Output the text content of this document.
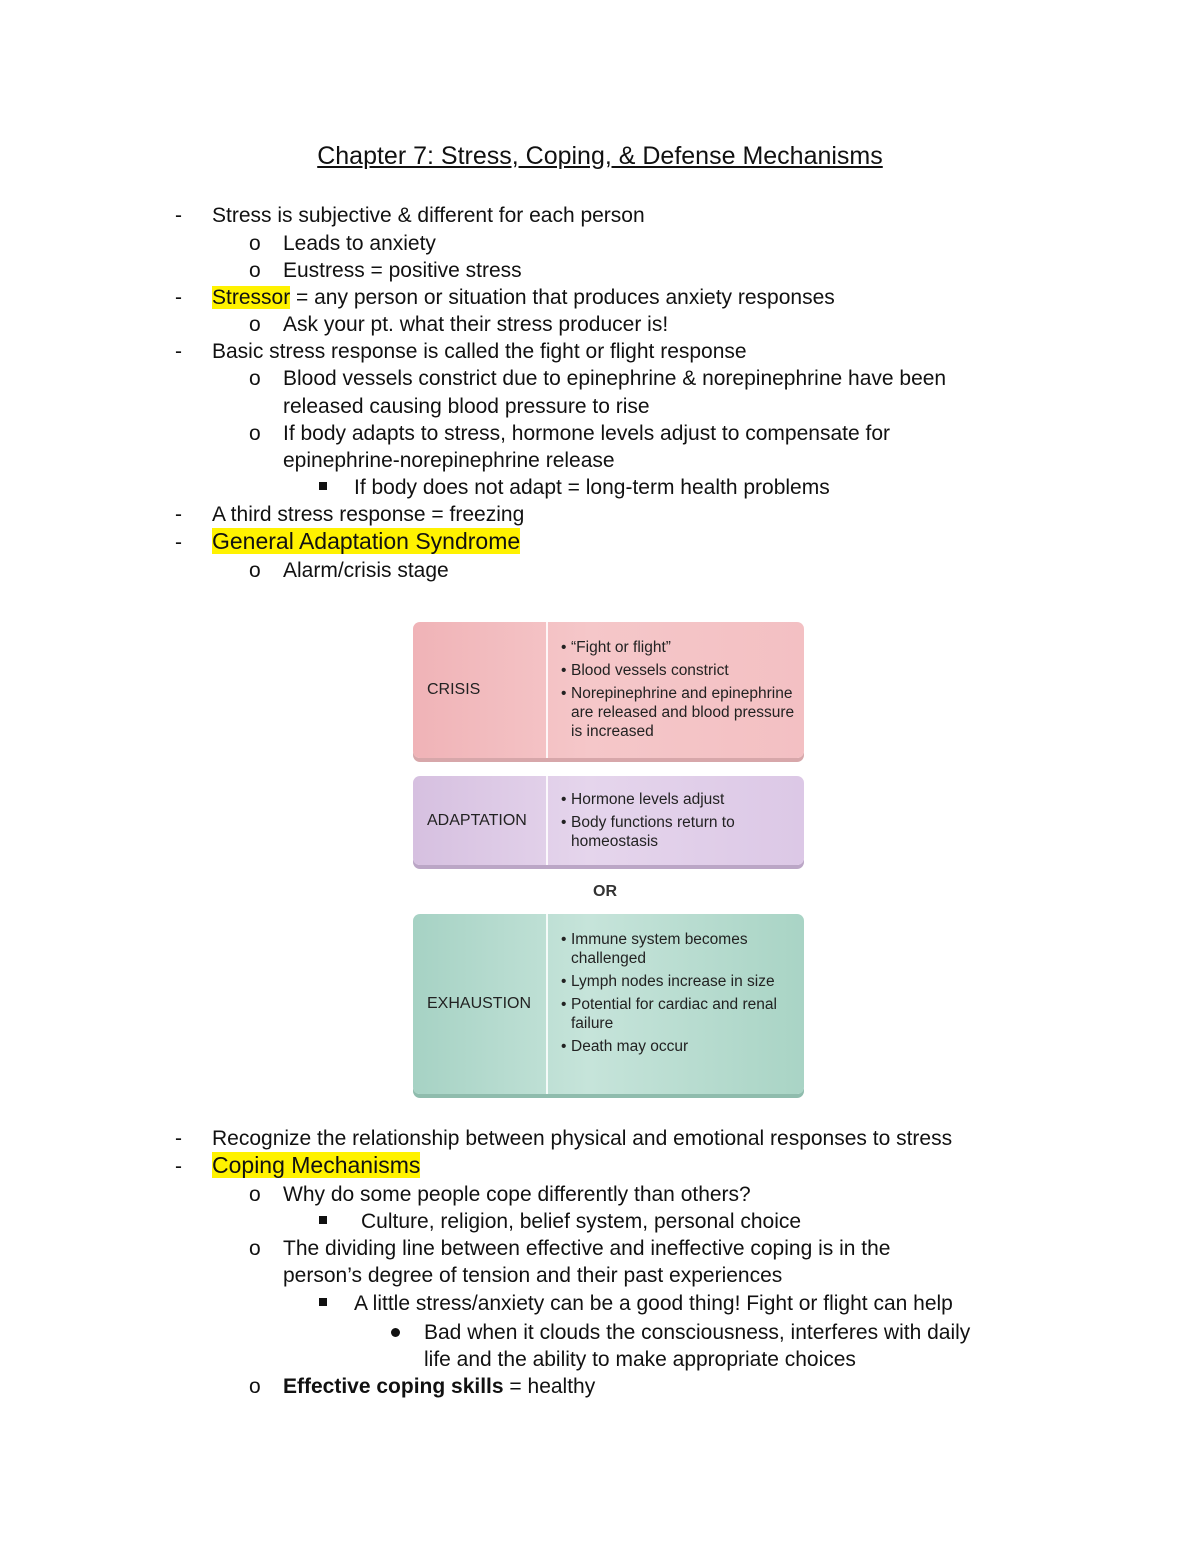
Chapter 7: Stress, Coping, & Defense Mechanisms
- Stress is subjective & different for each person
o Leads to anxiety
o Eustress = positive stress
- Stressor = any person or situation that produces anxiety responses
o Ask your pt. what their stress producer is!
- Basic stress response is called the fight or flight response
o Blood vessels constrict due to epinephrine & norepinephrine have been
released causing blood pressure to rise
o If body adapts to stress, hormone levels adjust to compensate for
epinephrine-norepinephrine release
If body does not adapt = long-term health problems
- A third stress response = freezing
- General Adaptation Syndrome
o Alarm/crisis stage
CRISIS
• “Fight or flight”
• Blood vessels constrict
• Norepinephrine and epinephrine are released and blood pressure is increased
ADAPTATION
• Hormone levels adjust
• Body functions return to homeostasis
OR
EXHAUSTION
• Immune system becomes challenged
• Lymph nodes increase in size
• Potential for cardiac and renal failure
• Death may occur
- Recognize the relationship between physical and emotional responses to stress
- Coping Mechanisms
o Why do some people cope differently than others?
Culture, religion, belief system, personal choice
o The dividing line between effective and ineffective coping is in the
person’s degree of tension and their past experiences
A little stress/anxiety can be a good thing! Fight or flight can help
Bad when it clouds the consciousness, interferes with daily
life and the ability to make appropriate choices
o Effective coping skills = healthy
